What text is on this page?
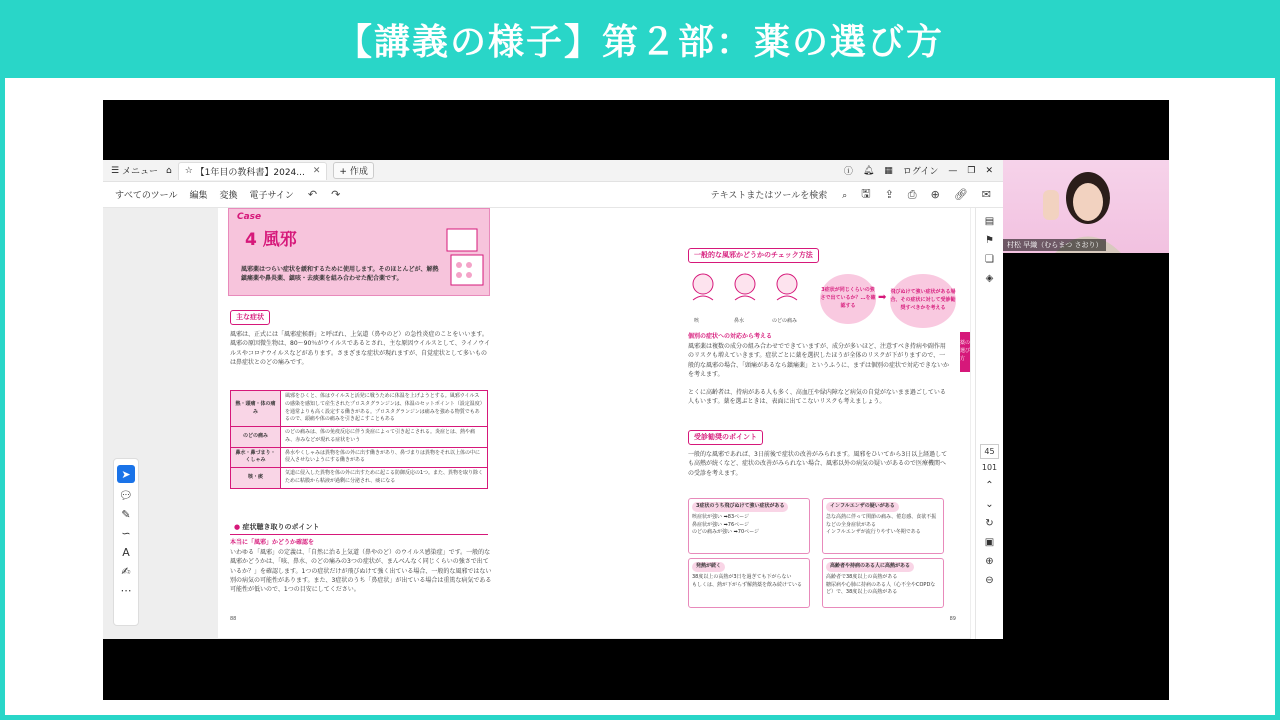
【講義の様子】第２部：薬の選び方
☰
メニュー ⌂ ☆
【1年目の教科書】2024... ✕	+ 作成	ⓘ 🔔︎ ▦ ログイン — ❐ ✕
すべてのツール 編集 変換 電子サイン ↶ ↷	テキストまたはツールを検索 ⌕ 🖫 ⇪ ⎙ ⊕ 🔗︎ ✉
Case
4 風邪
風邪薬はつらい症状を緩和するために使用します。そのほとんどが、解熱鎮痛薬や鼻炎薬、鎮咳・去痰薬を組み合わせた配合薬です。
主な症状
風邪は、正式には「風邪症候群」と呼ばれ、上気道（鼻やのど）の急性炎症のことをいいます。風邪の原因微生物は、80〜90％がウイルスであるとされ、主な原因ウイルスとして、ライノウイルスやコロナウイルスなどがあります。さまざまな症状が現れますが、自覚症状として多いものは鼻症状とのどの痛みです。
熱・頭痛・体の痛み	風邪をひくと、体はウイルスと活発に戦うために体温を上げようとする。風邪ウイルスの感染を感知して産生されたプロスタグランジンは、体温のセットポイント（設定温度）を通常よりも高く設定する働きがある。プロスタグランジンは痛みを強める物質でもあるので、頭痛や体の痛みを引き起こすこともある
のどの痛み	のどの痛みは、体の免疫反応に伴う炎症によって引き起こされる。炎症とは、熱や痛み、赤みなどが現れる症状をいう
鼻水・鼻づまり・くしゃみ	鼻水やくしゃみは異物を体の外に出す働きがあり、鼻づまりは異物をそれ以上体の中に侵入させないようにする働きがある
咳・痰	気道に侵入した異物を体の外に出すために起こる防御反応の1つ。また、異物を取り除くために粘膜から粘液が過剰に分泌され、痰になる
● 症状聴き取りのポイント
本当に「風邪」かどうか確認を
いわゆる「風邪」の定義は、「自然に治る上気道（鼻やのど）のウイルス感染症」です。一般的な風邪かどうかは、「咳、鼻水、のどの痛みの3つの症状が、まんべんなく同じくらいの強さで出ているか？」を確認します。1つの症状だけが飛びぬけて強く出ている場合、一般的な風邪ではない別の病気の可能性があります。また、3症状のうち「鼻症状」が出ている場合は重篤な病気である可能性が低いので、1つの目安にしてください。
88
一般的な風邪かどうかのチェック方法
咳	鼻水	のどの痛み
3症状が同じくらいの強さで出ているか？…を確認する
➡ 飛びぬけて強い症状がある場合、その症状に対して受診勧奨すべきかを考える
薬の選び方
個別の症状への対応から考える
風邪薬は複数の成分の組み合わせでできていますが、成分が多いほど、注意すべき持病や副作用のリスクも増えていきます。症状ごとに薬を選択したほうが全体のリスクが下がりますので、一般的な風邪の場合、「頭痛があるなら鎮痛薬」というふうに、まずは個別の症状で対応できないかを考えます。
とくに高齢者は、持病がある人も多く、高血圧や緑内障など病気の自覚がないまま過ごしている人もいます。薬を選ぶときは、表面に出てこないリスクも考えましょう。
受診勧奨のポイント
一般的な風邪であれば、3日前後で症状の改善がみられます。風邪をひいてから3日以上経過しても高熱が続くなど、症状の改善がみられない場合、風邪以外の病気の疑いがあるので医療機関への受診を考えます。
3症状のうち飛びぬけて強い症状がある
咳症状が強い ➡83ページ
鼻症状が強い ➡76ページ
のどの痛みが強い ➡70ページ
インフルエンザの疑いがある
急な高熱に伴って関節の痛み、倦怠感、食欲不振などの全身症状がある
インフルエンザが流行りやすい冬期である
発熱が続く
38度以上の高熱が3日を過ぎても下がらない
もしくは、熱が下がらず解熱薬を飲み続けている
高齢者や持病のある人に高熱がある
高齢者で38度以上の高熱がある
糖尿病や心肺に持病のある人（心不全やCOPDなど）で、38度以上の高熱がある
89
➤
💬︎
✎
∽
A
✍
⋯
▤
⚑
❏
◈
45
101
⌃
⌄
↻
▣
⊕
⊖
村松 早織（むらまつ さおり）
